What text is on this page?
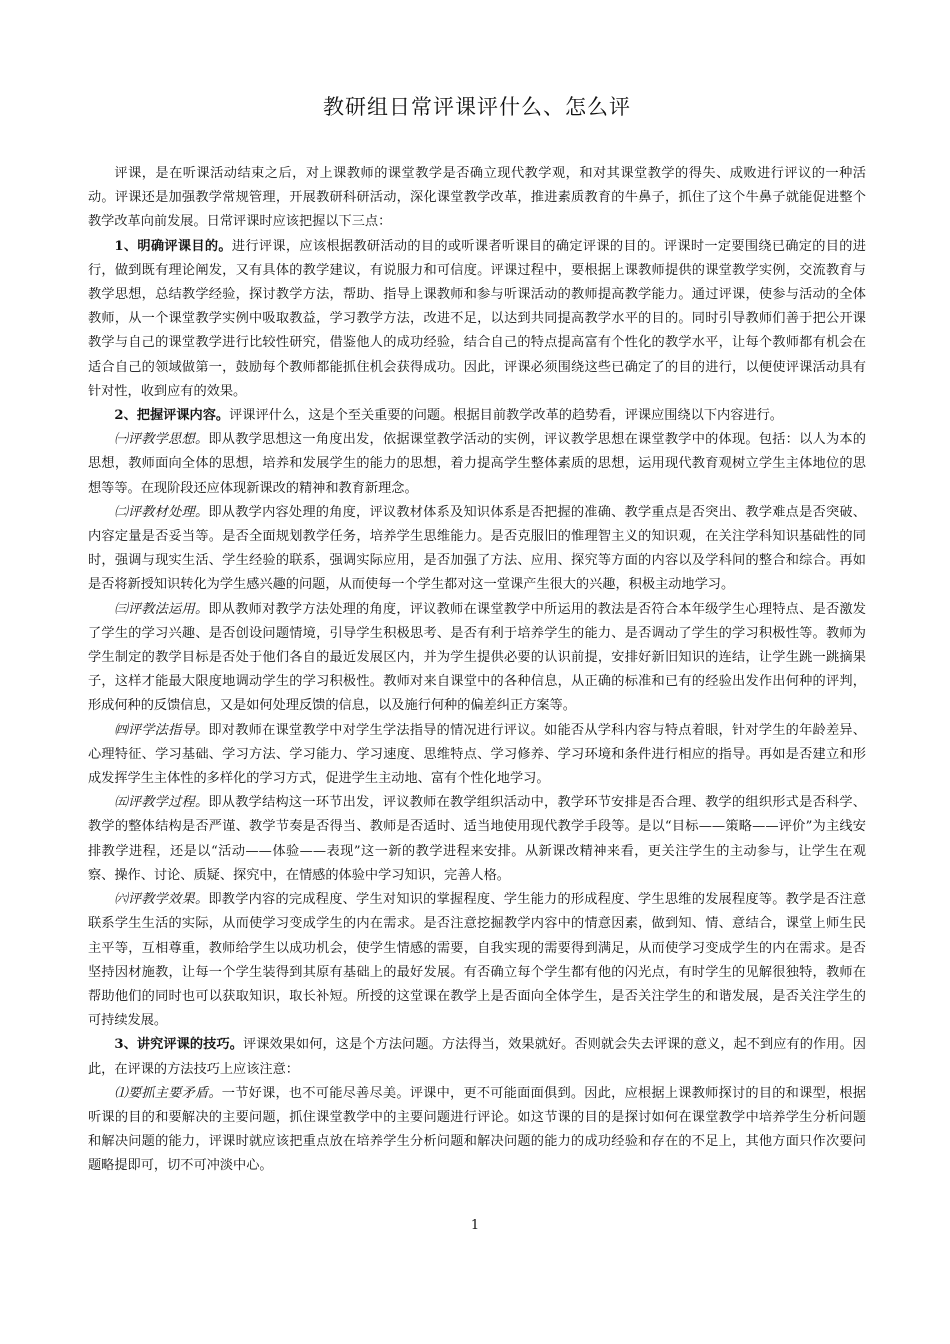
教研组日常评课评什么、怎么评

评课，是在听课活动结束之后，对上课教师的课堂教学是否确立现代教学观，和对其课堂教学的得失、成败进行评议的一种活动。评课还是加强教学常规管理，开展教研科研活动，深化课堂教学改革，推进素质教育的牛鼻子，抓住了这个牛鼻子就能促进整个教学改革向前发展。日常评课时应该把握以下三点：

1、明确评课目的。进行评课，应该根据教研活动的目的或听课者听课目的确定评课的目的。评课时一定要围绕已确定的目的进行，做到既有理论阐发，又有具体的教学建议，有说服力和可信度。评课过程中，要根据上课教师提供的课堂教学实例，交流教育与教学思想，总结教学经验，探讨教学方法，帮助、指导上课教师和参与听课活动的教师提高教学能力。通过评课，使参与活动的全体教师，从一个课堂教学实例中吸取教益，学习教学方法，改进不足，以达到共同提高教学水平的目的。同时引导教师们善于把公开课教学与自己的课堂教学进行比较性研究，借鉴他人的成功经验，结合自己的特点提高富有个性化的教学水平，让每个教师都有机会在适合自己的领域做第一，鼓励每个教师都能抓住机会获得成功。因此，评课必须围绕这些已确定了的目的进行，以便使评课活动具有针对性，收到应有的效果。

2、把握评课内容。评课评什么，这是个至关重要的问题。根据目前教学改革的趋势看，评课应围绕以下内容进行。

㈠评教学思想。即从教学思想这一角度出发，依据课堂教学活动的实例，评议教学思想在课堂教学中的体现。包括：以人为本的思想，教师面向全体的思想，培养和发展学生的能力的思想，着力提高学生整体素质的思想，运用现代教育观树立学生主体地位的思想等等。在现阶段还应体现新课改的精神和教育新理念。

㈡评教材处理。即从教学内容处理的角度，评议教材体系及知识体系是否把握的准确、教学重点是否突出、教学难点是否突破、内容定量是否妥当等。是否全面规划教学任务，培养学生思维能力。是否克服旧的惟理智主义的知识观，在关注学科知识基础性的同时，强调与现实生活、学生经验的联系，强调实际应用，是否加强了方法、应用、探究等方面的内容以及学科间的整合和综合。再如是否将新授知识转化为学生感兴趣的问题，从而使每一个学生都对这一堂课产生很大的兴趣，积极主动地学习。

㈢评教法运用。即从教师对教学方法处理的角度，评议教师在课堂教学中所运用的教法是否符合本年级学生心理特点、是否激发了学生的学习兴趣、是否创设问题情境，引导学生积极思考、是否有利于培养学生的能力、是否调动了学生的学习积极性等。教师为学生制定的教学目标是否处于他们各自的最近发展区内，并为学生提供必要的认识前提，安排好新旧知识的连结，让学生跳一跳摘果子，这样才能最大限度地调动学生的学习积极性。教师对来自课堂中的各种信息，从正确的标准和已有的经验出发作出何种的评判，形成何种的反馈信息，又是如何处理反馈的信息，以及施行何种的偏差纠正方案等。

㈣评学法指导。即对教师在课堂教学中对学生学法指导的情况进行评议。如能否从学科内容与特点着眼，针对学生的年龄差异、心理特征、学习基础、学习方法、学习能力、学习速度、思维特点、学习修养、学习环境和条件进行相应的指导。再如是否建立和形成发挥学生主体性的多样化的学习方式，促进学生主动地、富有个性化地学习。

㈤评教学过程。即从教学结构这一环节出发，评议教师在教学组织活动中，教学环节安排是否合理、教学的组织形式是否科学、教学的整体结构是否严谨、教学节奏是否得当、教师是否适时、适当地使用现代教学手段等。是以“目标——策略——评价”为主线安排教学进程，还是以“活动——体验——表现”这一新的教学进程来安排。从新课改精神来看，更关注学生的主动参与，让学生在观察、操作、讨论、质疑、探究中，在情感的体验中学习知识，完善人格。

㈥评教学效果。即教学内容的完成程度、学生对知识的掌握程度、学生能力的形成程度、学生思维的发展程度等。教学是否注意联系学生生活的实际，从而使学习变成学生的内在需求。是否注意挖掘教学内容中的情意因素，做到知、情、意结合，课堂上师生民主平等，互相尊重，教师给学生以成功机会，使学生情感的需要，自我实现的需要得到满足，从而使学习变成学生的内在需求。是否坚持因材施教，让每一个学生装得到其原有基础上的最好发展。有否确立每个学生都有他的闪光点，有时学生的见解很独特，教师在帮助他们的同时也可以获取知识，取长补短。所授的这堂课在教学上是否面向全体学生，是否关注学生的和谐发展，是否关注学生的可持续发展。

3、讲究评课的技巧。评课效果如何，这是个方法问题。方法得当，效果就好。否则就会失去评课的意义，起不到应有的作用。因此，在评课的方法技巧上应该注意：

⑴要抓主要矛盾。一节好课，也不可能尽善尽美。评课中，更不可能面面俱到。因此，应根据上课教师探讨的目的和课型，根据听课的目的和要解决的主要问题，抓住课堂教学中的主要问题进行评论。如这节课的目的是探讨如何在课堂教学中培养学生分析问题和解决问题的能力，评课时就应该把重点放在培养学生分析问题和解决问题的能力的成功经验和存在的不足上，其他方面只作次要问题略提即可，切不可冲淡中心。

1
